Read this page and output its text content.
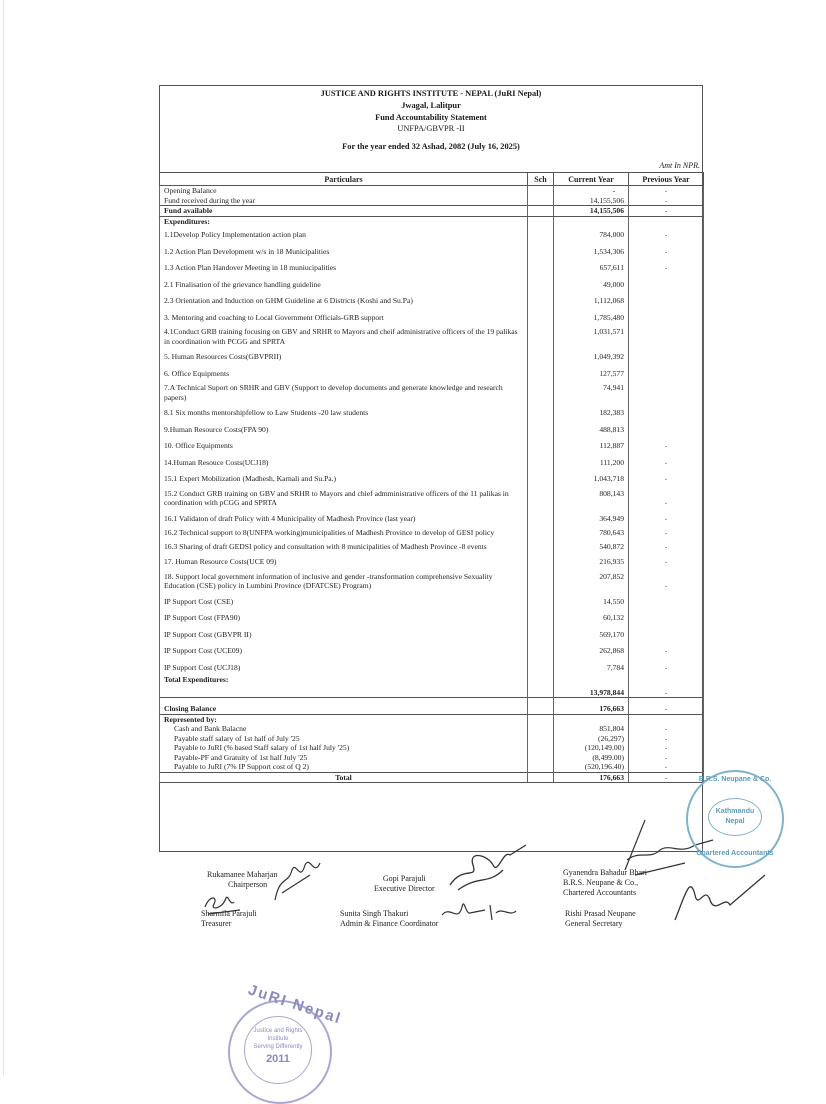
JUSTICE AND RIGHTS INSTITUTE - NEPAL (JuRI Nepal)
Jwagal, Lalitpur
Fund Accountability Statement
UNFPA/GBVPR -II
For the year ended 32 Ashad, 2082 (July 16, 2025)
Amt In NPR.
Particulars	Sch	Current Year	Previous Year
Opening Balance		-	-
Fund received during the year		14,155,506	-
Fund available		14,155,506	-
Expenditures:			
1.1Develop Policy Implementation action plan		784,000	-
1.2 Action Plan Development w/s in 18 Municipalities		1,534,306	-
1.3 Action Plan Handover Meeting in 18 muniucipalities		657,611	-
2.1 Finalisation of the grievance handling guideline		49,000	
2.3 Orientation and Induction on GHM Guideline at 6 Districts (Koshi and Su.Pa)		1,112,068	
3. Mentoring and coaching to Local Government Officials-GRB support		1,785,480	
4.1Conduct GRB training focusing on GBV and SRHR to Mayors and cheif administrative officers of the 19 palikas in coordination with PCGG and SPRTA		1,031,571	
5. Human Resources Costs(GBVPRII)		1,049,392	
6. Office Equipments		127,577	
7.A Technical Suport on SRHR and GBV (Support to develop documents and generate knowledge and research papers)		74,941	
8.1 Six months mentorshipfellow to Law Students -20 law students		182,383	
9.Human Resource Costs(FPA 90)		488,813	
10. Office Equipments		112,887	-
14.Human Resouce Costs(UCJ18)		111,200	-
15.1 Expert Mobilization (Madhesh, Karnali and Su.Pa.)		1,043,718	-
15.2 Conduct GRB training on GBV and SRHR to Mayors and chief admministrative officers of the 11 palikas in coordination with pCGG and SPRTA		808,143	-
16.1 Validaton of draft Policy with 4 Municipality of Madhesh Province (last year)		364,949	-
16.2 Technical support to 8(UNFPA working)municipalities of Madhesh Province to develop of GESI policy		780,643	-
16.3 Sharing of draft GEDSI policy and consultation with 8 municipalities of Madhesh Province -8 events		540,872	-
17. Human Resource Costs(UCE 09)		216,935	-
18. Support local government information of inclusive and gender -transformation comprehensive Sexuality Education (CSE) policy in Lumbini Province (DFATCSE) Program)		207,852	-
IP Support Cost (CSE)		14,550	
IP Support Cost (FPA90)		60,132	
IP Support Cost (GBVPR II)		569,170	
IP Support Cost (UCE09)		262,868	-
IP Support Cost (UCJ18)		7,784	-
Total Expenditures:		13,978,844	-
Closing Balance		176,663	-
Represented by:			
Cash and Bank Balacne		851,804	-
Payable staff salary of 1st half of July '25		(26,297)	-
Payable to JuRI (% based Staff salary of 1st half July '25)		(120,149.00)	-
Payable-PF and Gratuity of 1st half July '25		(8,499.00)	-
Payable to JuRI (7% IP Support cost of Q 2)		(520,196.40)	-
Total		176,663	-
Rukamanee Maharjan
Chairperson
Gopi Parajuli
Executive Director
Gyanendra Bahadur Bhari
B.R.S. Neupane & Co.,
Chartered Accountants
Sharmila Parajuli
Treasurer
Sunita Singh Thakuri
Admin & Finance Coordinator
Rishi Prasad Neupane
General Secretary
B.R.S. Neupane & Co.
Kathmandu
Nepal
Chartered Accountants
JuRI Nepal
Justice and Rights Institute
Serving Differently
2011
